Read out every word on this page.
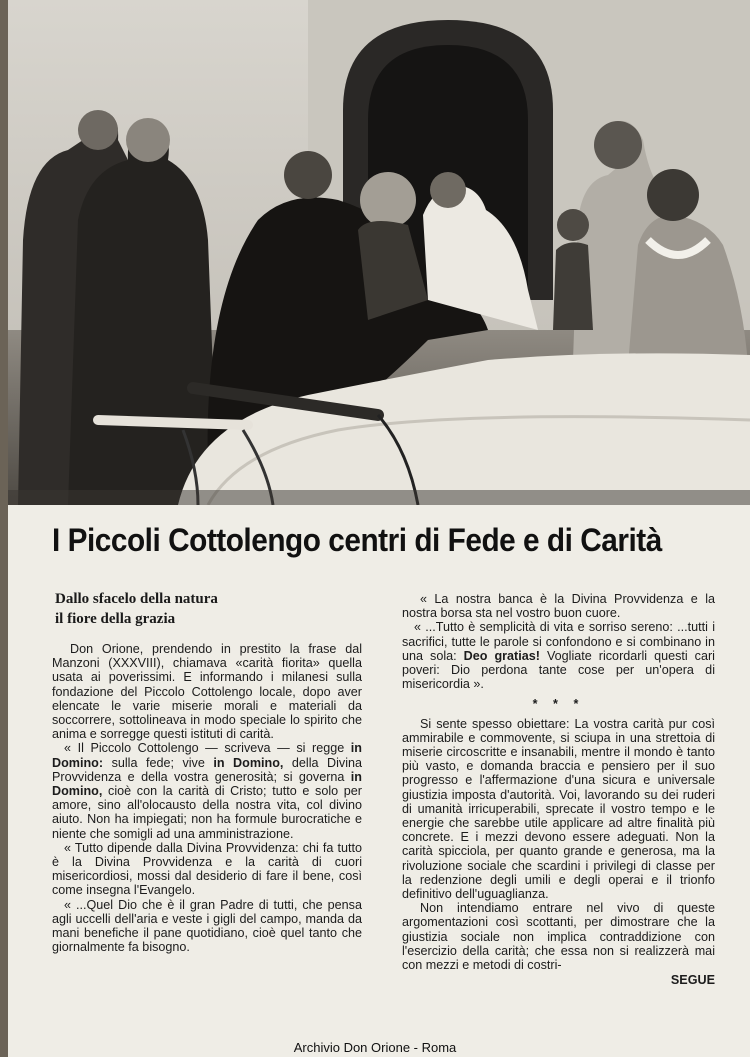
I Piccoli Cottolengo centri di Fede e di Carità
Dallo sfacelo della natura
il fiore della grazia

Don Orione, prendendo in prestito la frase dal Manzoni (XXXVIII), chiamava «carità fiorita» quella usata ai poverissimi. E informando i milanesi sulla fondazione del Piccolo Cottolengo locale, dopo aver elencate le varie miserie morali e materiali da soccorrere, sottolineava in modo speciale lo spirito che anima e sorregge questi istituti di carità.

« Il Piccolo Cottolengo — scriveva — si regge in Domino: sulla fede; vive in Domino, della Divina Provvidenza e della vostra generosità; si governa in Domino, cioè con la carità di Cristo; tutto e solo per amore, sino all'olocausto della nostra vita, col divino aiuto. Non ha impiegati; non ha formule burocratiche e niente che somigli ad una amministrazione.

« Tutto dipende dalla Divina Provvidenza: chi fa tutto è la Divina Provvidenza e la carità di cuori misericordiosi, mossi dal desiderio di fare il bene, così come insegna l'Evangelo.

« ...Quel Dio che è il gran Padre di tutti, che pensa agli uccelli dell'aria e veste i gigli del campo, manda da mani benefiche il pane quotidiano, cioè quel tanto che giornalmente fa bisogno.

« La nostra banca è la Divina Provvidenza e la nostra borsa sta nel vostro buon cuore.

« ...Tutto è semplicità di vita e sorriso sereno: ...tutti i sacrifici, tutte le parole si confondono e si combinano in una sola: Deo gratias! Vogliate ricordarli questi cari poveri: Dio perdona tante cose per un'opera di misericordia ».

* * *

Si sente spesso obiettare: La vostra carità pur così ammirabile e commovente, si sciupa in una strettoia di miserie circoscritte e insanabili, mentre il mondo è tanto più vasto, e domanda braccia e pensiero per il suo progresso e l'affermazione d'una sicura e universale giustizia imposta d'autorità. Voi, lavorando su dei ruderi di umanità irricuperabili, sprecate il vostro tempo e le energie che sarebbe utile applicare ad altre finalità più concrete. E i mezzi devono essere adeguati. Non la carità spicciola, per quanto grande e generosa, ma la rivoluzione sociale che scardini i privilegi di classe per la redenzione degli umili e degli operai e il trionfo definitivo dell'uguaglianza.

Non intendiamo entrare nel vivo di queste argomentazioni così scottanti, per dimostrare che la giustizia sociale non implica contraddizione con l'esercizio della carità; che essa non si realizzerà mai con mezzi e metodi di costri-

SEGUE
Archivio Don Orione - Roma
